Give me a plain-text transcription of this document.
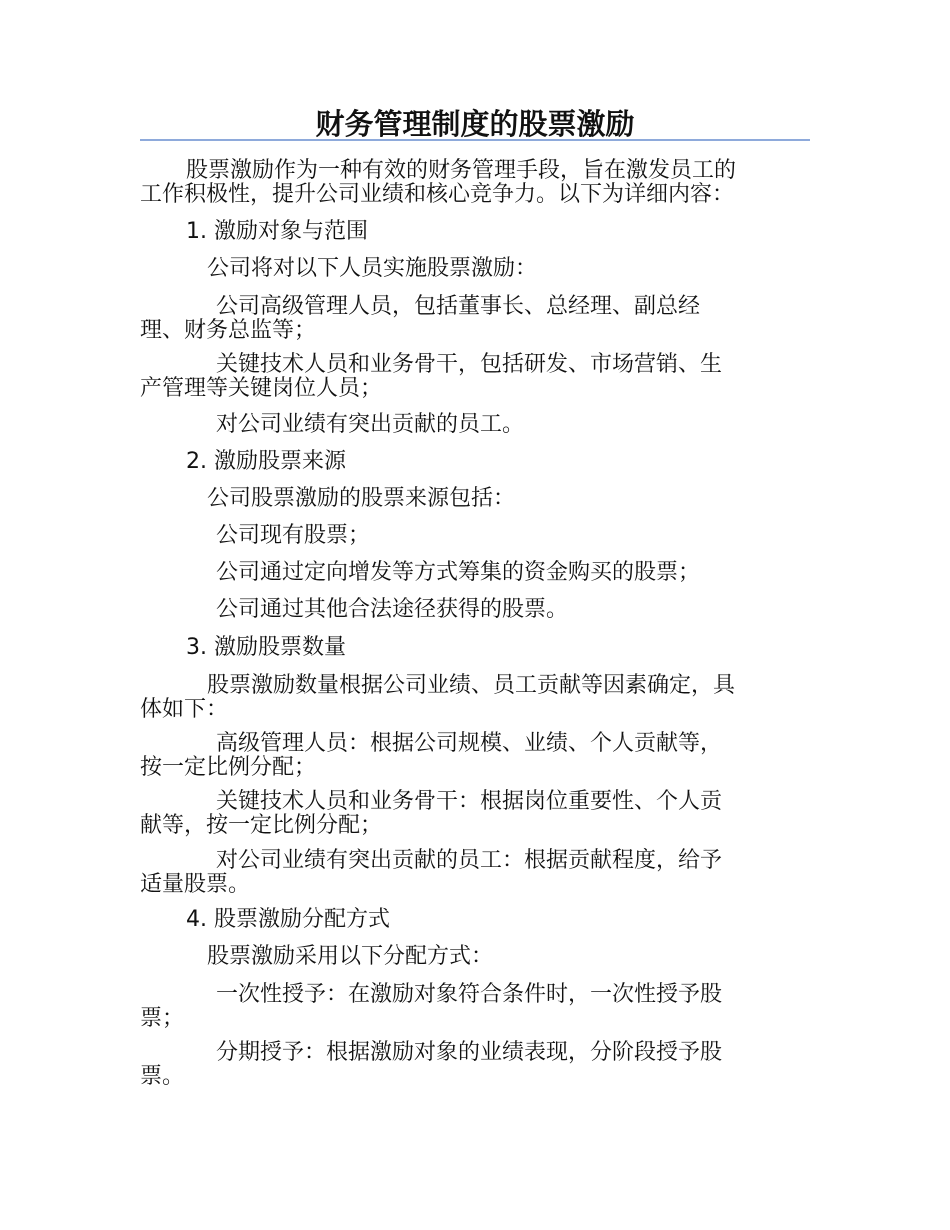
财务管理制度的股票激励

股票激励作为一种有效的财务管理手段，旨在激发员工的
工作积极性，提升公司业绩和核心竞争力。以下为详细内容：

1. 激励对象与范围

公司将对以下人员实施股票激励：

公司高级管理人员，包括董事长、总经理、副总经
理、财务总监等；

关键技术人员和业务骨干，包括研发、市场营销、生
产管理等关键岗位人员；

对公司业绩有突出贡献的员工。

2. 激励股票来源

公司股票激励的股票来源包括：

公司现有股票；

公司通过定向增发等方式筹集的资金购买的股票；

公司通过其他合法途径获得的股票。

3. 激励股票数量

股票激励数量根据公司业绩、员工贡献等因素确定，具
体如下：

高级管理人员：根据公司规模、业绩、个人贡献等，
按一定比例分配；

关键技术人员和业务骨干：根据岗位重要性、个人贡
献等，按一定比例分配；

对公司业绩有突出贡献的员工：根据贡献程度，给予
适量股票。

4. 股票激励分配方式

股票激励采用以下分配方式：

一次性授予：在激励对象符合条件时，一次性授予股
票；

分期授予：根据激励对象的业绩表现，分阶段授予股
票。
